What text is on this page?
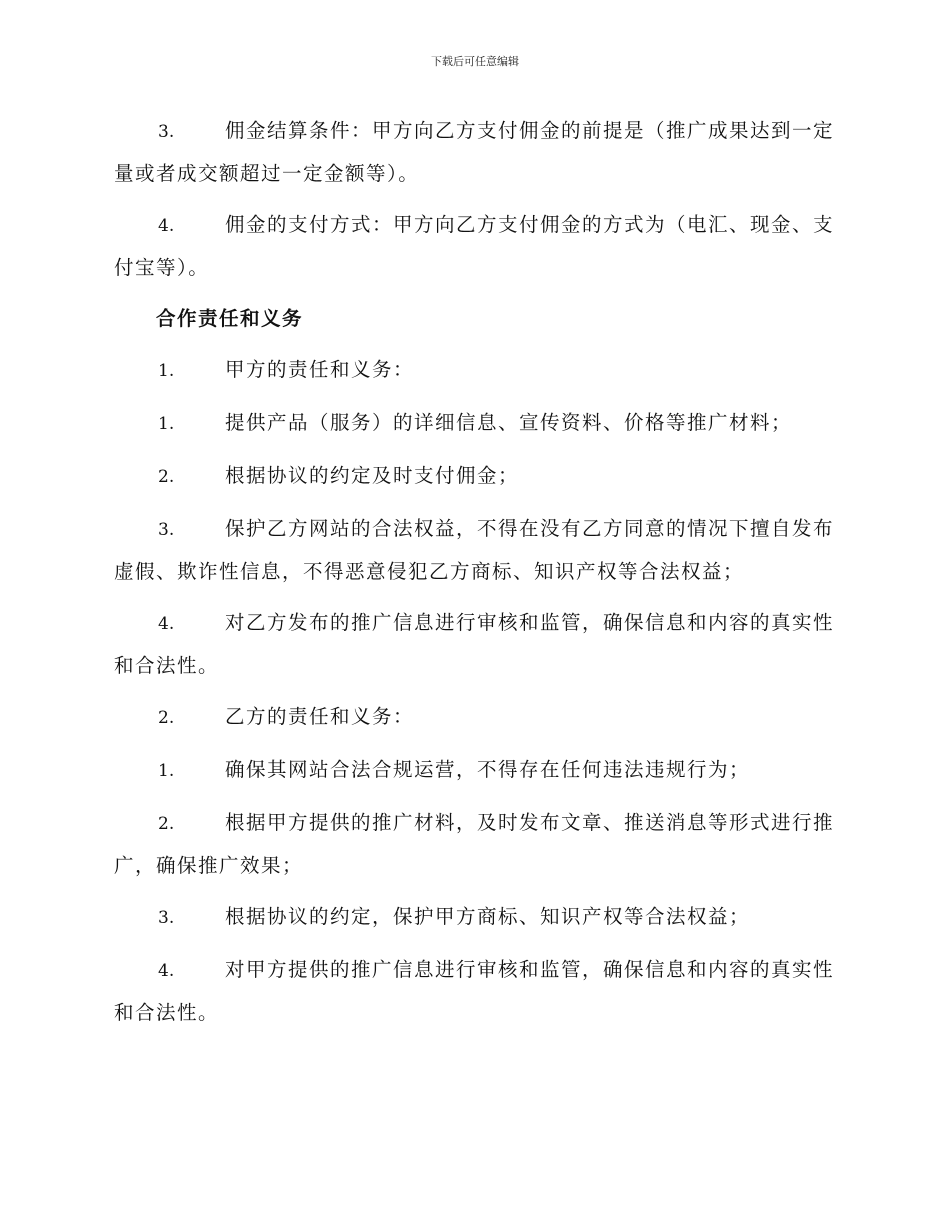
下载后可任意编辑

3.	佣金结算条件：甲方向乙方支付佣金的前提是（推广成果达到一定量或者成交额超过一定金额等）。

4.	佣金的支付方式：甲方向乙方支付佣金的方式为（电汇、现金、支付宝等）。

合作责任和义务

1.	甲方的责任和义务：

1.	提供产品（服务）的详细信息、宣传资料、价格等推广材料；

2.	根据协议的约定及时支付佣金；

3.	保护乙方网站的合法权益，不得在没有乙方同意的情况下擅自发布虚假、欺诈性信息，不得恶意侵犯乙方商标、知识产权等合法权益；

4.	对乙方发布的推广信息进行审核和监管，确保信息和内容的真实性和合法性。

2.	乙方的责任和义务：

1.	确保其网站合法合规运营，不得存在任何违法违规行为；

2.	根据甲方提供的推广材料，及时发布文章、推送消息等形式进行推广，确保推广效果；

3.	根据协议的约定，保护甲方商标、知识产权等合法权益；

4.	对甲方提供的推广信息进行审核和监管，确保信息和内容的真实性和合法性。
